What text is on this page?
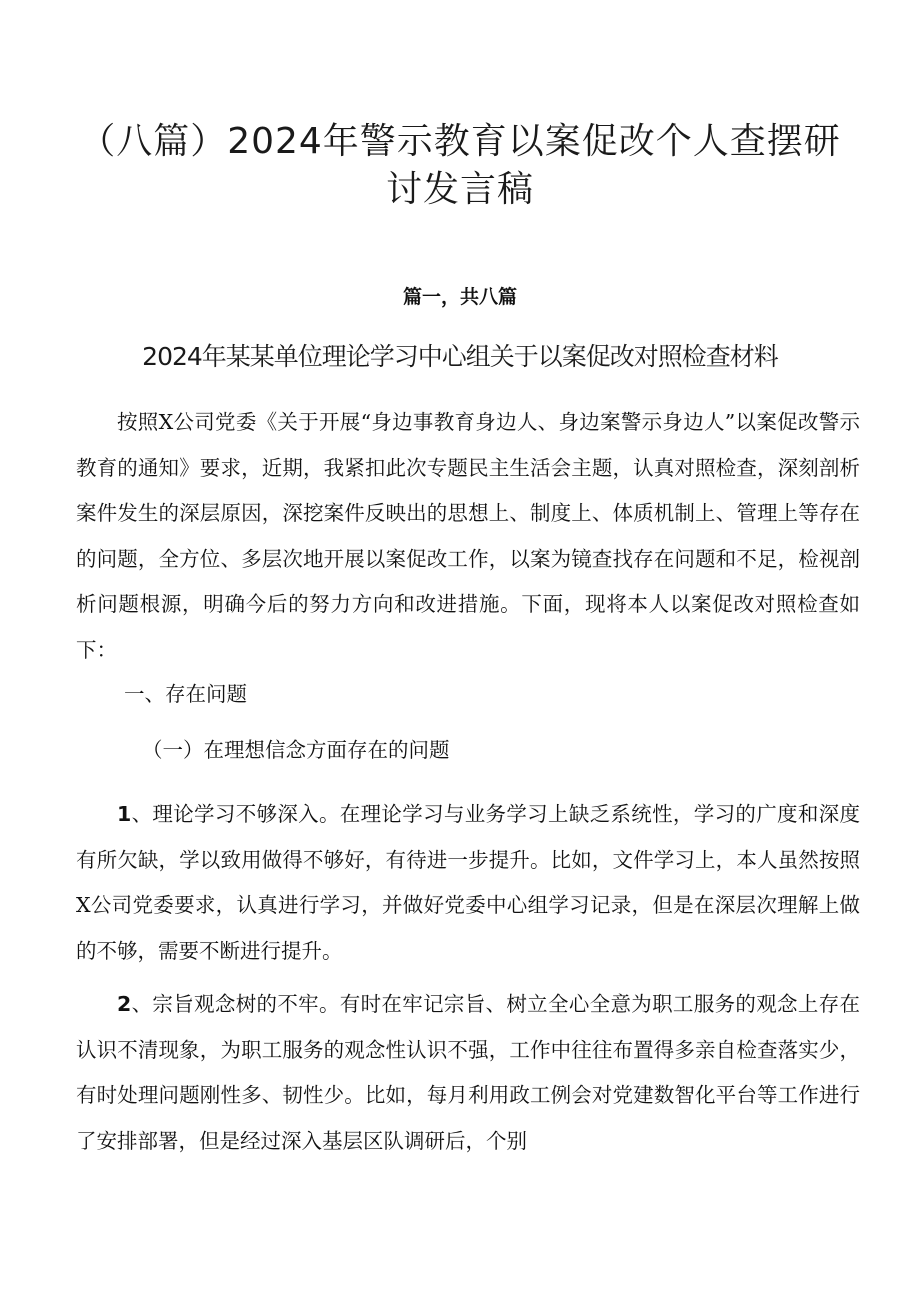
（八篇）2024年警示教育以案促改个人查摆研讨发言稿
篇一，共八篇
2024年某某单位理论学习中心组关于以案促改对照检查材料

按照X公司党委《关于开展“身边事教育身边人、身边案警示身边人”以案促改警示教育的通知》要求，近期，我紧扣此次专题民主生活会主题，认真对照检查，深刻剖析案件发生的深层原因，深挖案件反映出的思想上、制度上、体质机制上、管理上等存在的问题，全方位、多层次地开展以案促改工作，以案为镜查找存在问题和不足，检视剖析问题根源，明确今后的努力方向和改进措施。下面，现将本人以案促改对照检查如下：

一、存在问题

（一）在理想信念方面存在的问题

1、理论学习不够深入。在理论学习与业务学习上缺乏系统性，学习的广度和深度有所欠缺，学以致用做得不够好，有待进一步提升。比如，文件学习上，本人虽然按照X公司党委要求，认真进行学习，并做好党委中心组学习记录，但是在深层次理解上做的不够，需要不断进行提升。

2、宗旨观念树的不牢。有时在牢记宗旨、树立全心全意为职工服务的观念上存在认识不清现象，为职工服务的观念性认识不强，工作中往往布置得多亲自检查落实少，有时处理问题刚性多、韧性少。比如，每月利用政工例会对党建数智化平台等工作进行了安排部署，但是经过深入基层区队调研后，个别
